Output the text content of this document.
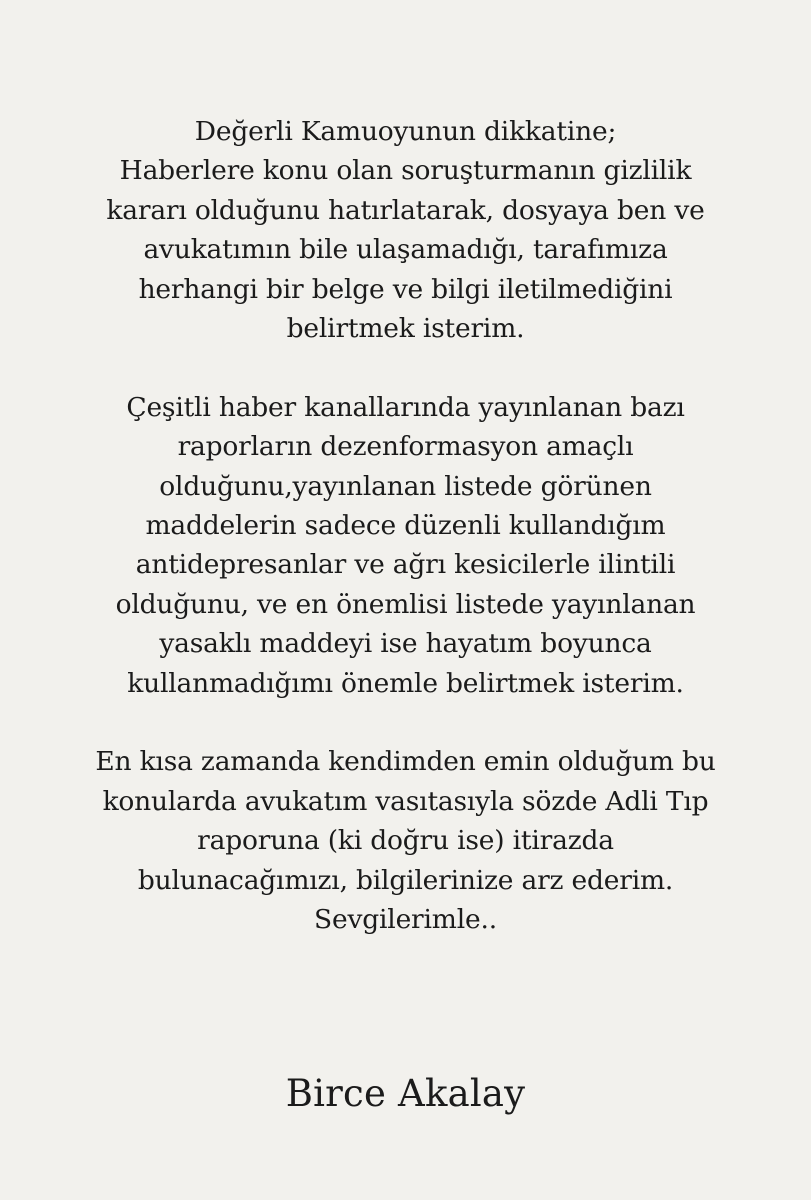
Değerli Kamuoyunun dikkatine;
Haberlere konu olan soruşturmanın gizlilik
kararı olduğunu hatırlatarak, dosyaya ben ve
avukatımın bile ulaşamadığı, tarafımıza
herhangi bir belge ve bilgi iletilmediğini
belirtmek isterim.

Çeşitli haber kanallarında yayınlanan bazı
raporların dezenformasyon amaçlı
olduğunu,yayınlanan listede görünen
maddelerin sadece düzenli kullandığım
antidepresanlar ve ağrı kesicilerle ilintili
olduğunu, ve en önemlisi listede yayınlanan
yasaklı maddeyi ise hayatım boyunca
kullanmadığımı önemle belirtmek isterim.

En kısa zamanda kendimden emin olduğum bu
konularda avukatım vasıtasıyla sözde Adli Tıp
raporuna (ki doğru ise) itirazda
bulunacağımızı, bilgilerinize arz ederim.
Sevgilerimle..

Birce Akalay
